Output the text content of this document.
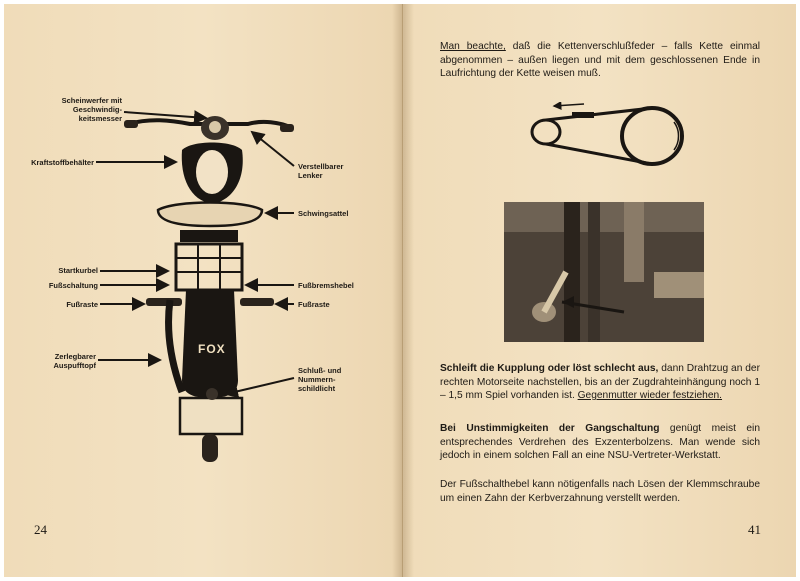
Scheinwerfer mit Geschwindig- keitsmesser
Kraftstoffbehälter	Verstellbarer Lenker
Schwingsattel
Startkurbel
Fußschaltung	Fußbremshebel
Fußraste	Fußraste
Zerlegbarer Auspufftopf
Schluß- und Nummern- schildlicht
FOX
24
Man beachte, daß die Kettenverschlußfeder – falls Kette einmal abgenommen – außen liegen und mit dem geschlossenen Ende in Laufrichtung der Kette weisen muß.
Schleift die Kupplung oder löst schlecht aus, dann Drahtzug an der rechten Motorseite nachstellen, bis an der Zugdrahteinhängung noch 1 – 1,5 mm Spiel vorhanden ist. Gegenmutter wieder festziehen.
Bei Unstimmigkeiten der Gangschaltung genügt meist ein entsprechendes Verdrehen des Exzenterbolzens. Man wende sich jedoch in einem solchen Fall an eine NSU-Vertreter-Werkstatt.
Der Fußschalthebel kann nötigenfalls nach Lösen der Klemmschraube um einen Zahn der Kerbverzahnung verstellt werden.
41
